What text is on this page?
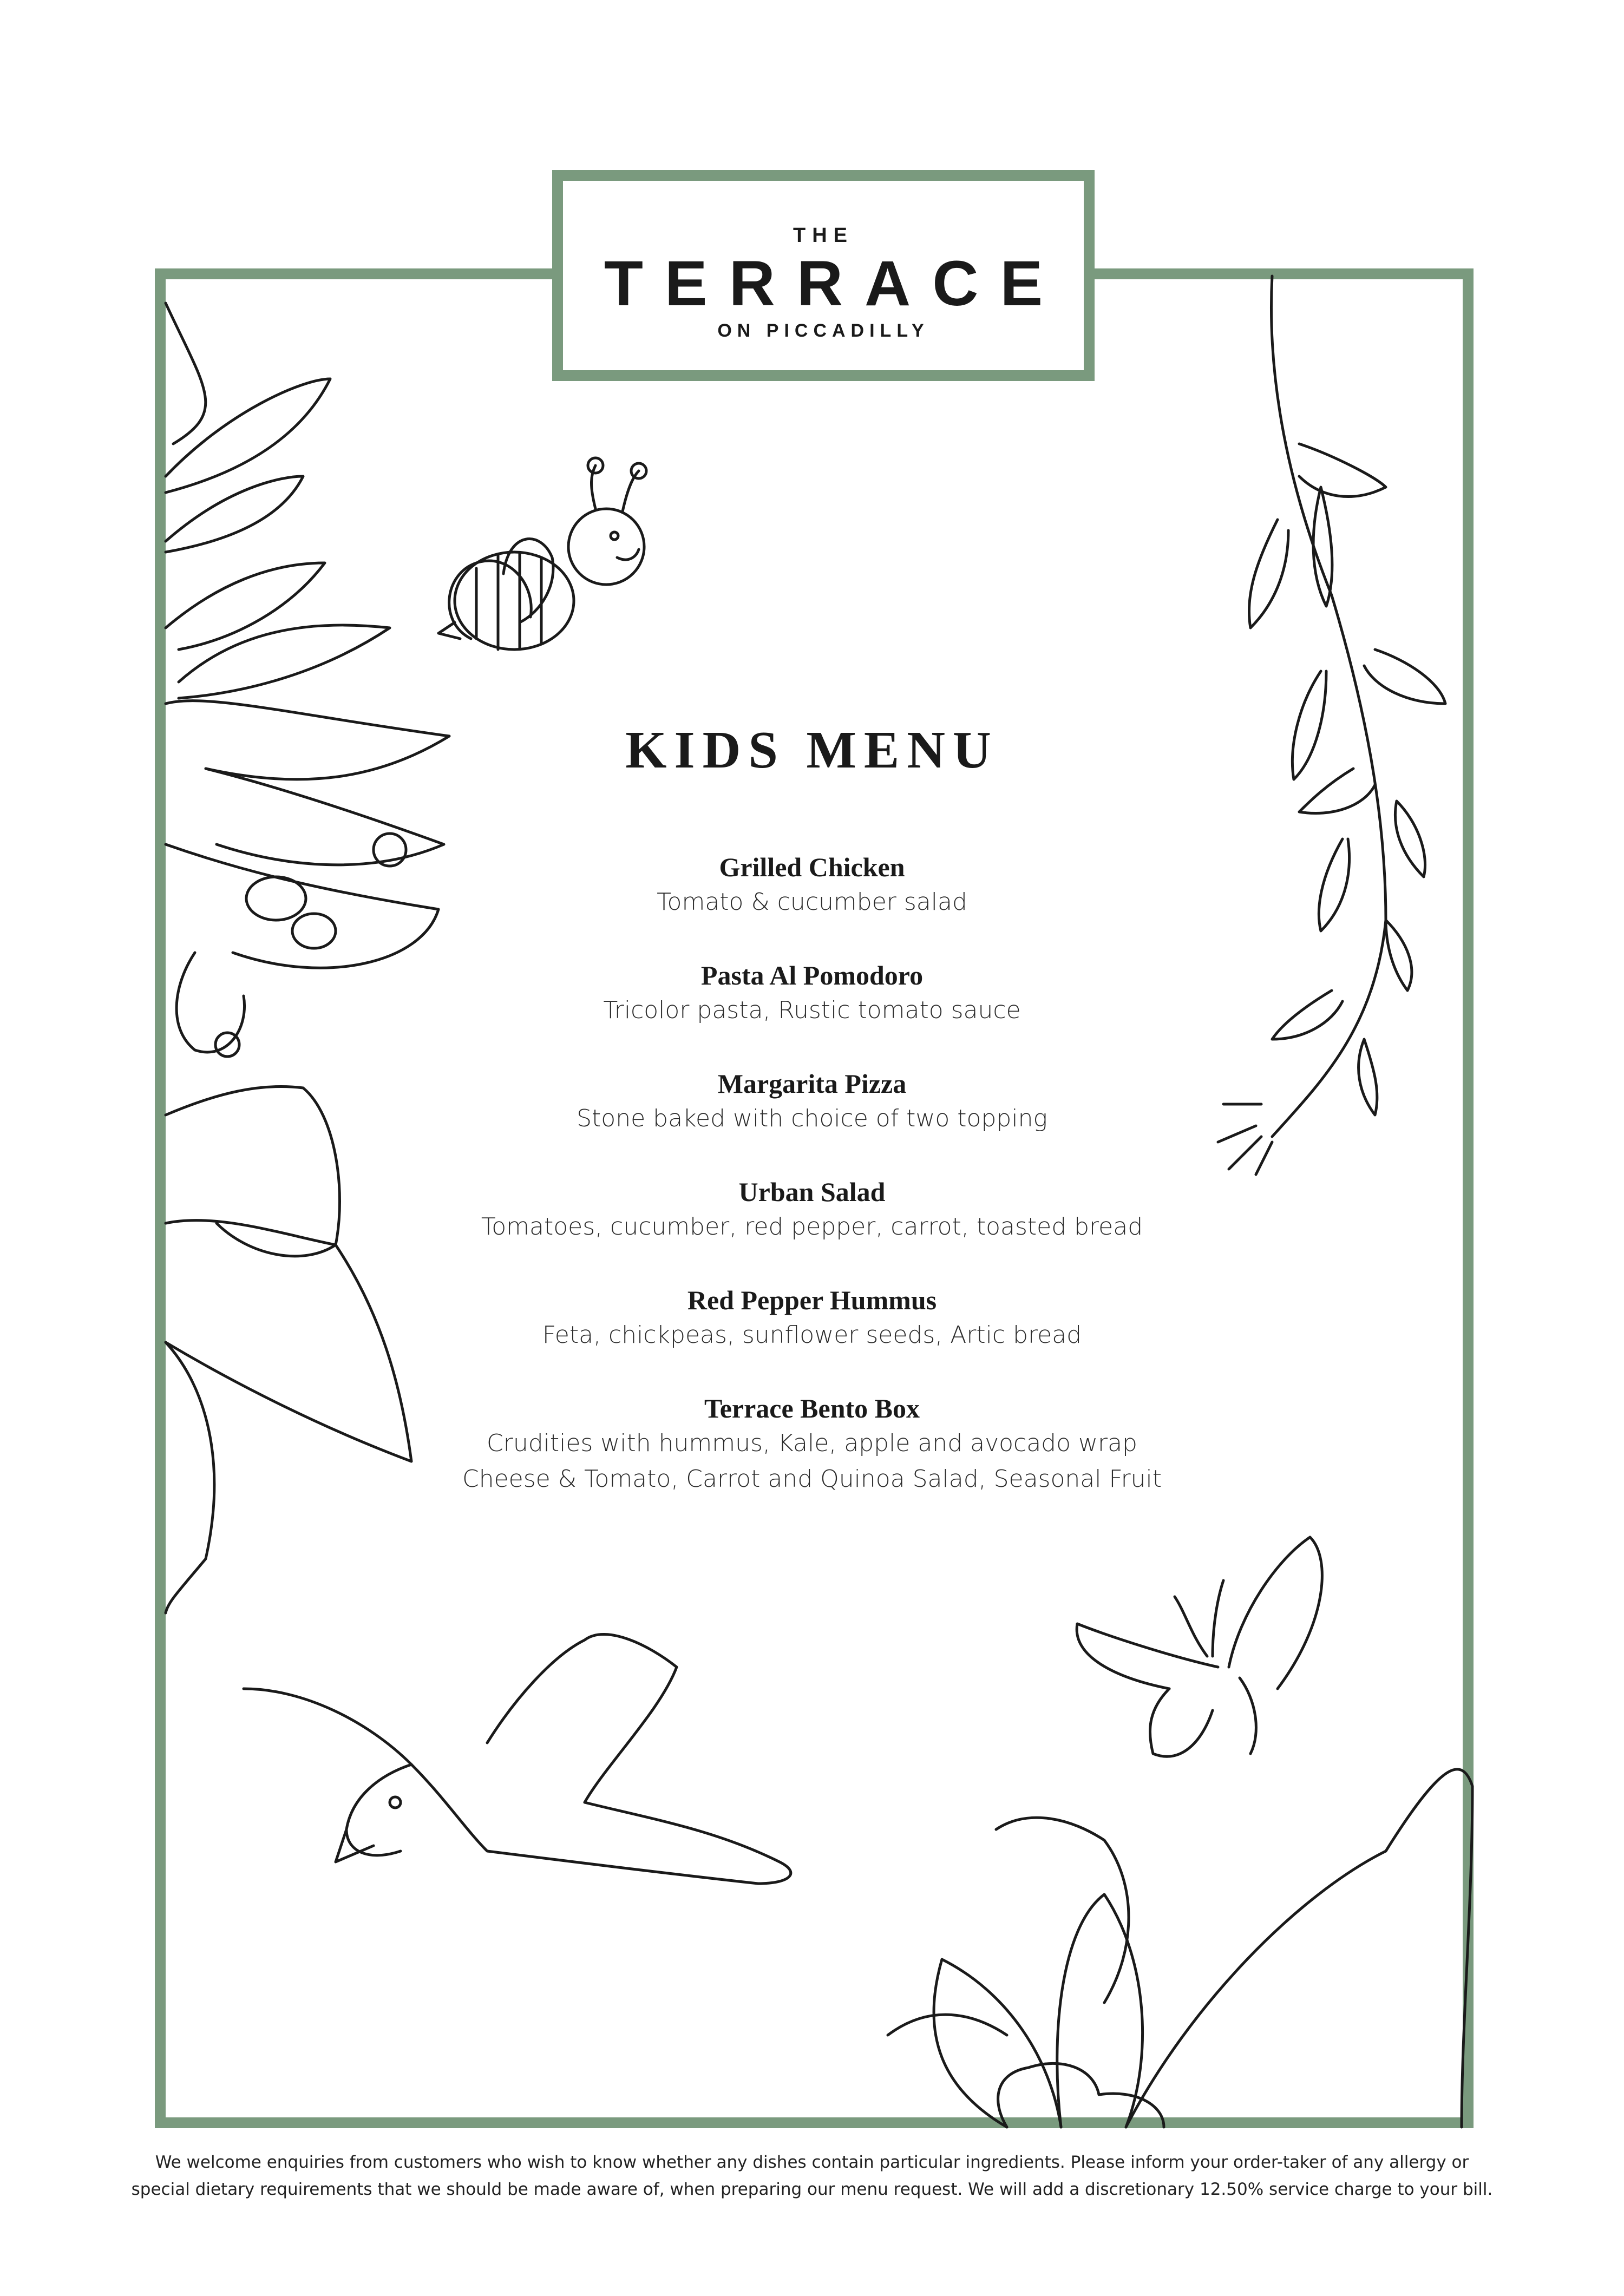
THE
TERRACE
ON PICCADILLY
KIDS MENU
Grilled Chicken
Tomato & cucumber salad
Pasta Al Pomodoro
Tricolor pasta, Rustic tomato sauce
Margarita Pizza
Stone baked with choice of two topping
Urban Salad
Tomatoes, cucumber, red pepper, carrot, toasted bread
Red Pepper Hummus
Feta, chickpeas, sunflower seeds, Artic bread
Terrace Bento Box
Crudities with hummus, Kale, apple and avocado wrap
Cheese & Tomato, Carrot and Quinoa Salad, Seasonal Fruit
We welcome enquiries from customers who wish to know whether any dishes contain particular ingredients. Please inform your order-taker of any allergy or
special dietary requirements that we should be made aware of, when preparing our menu request. We will add a discretionary 12.50% service charge to your bill.
